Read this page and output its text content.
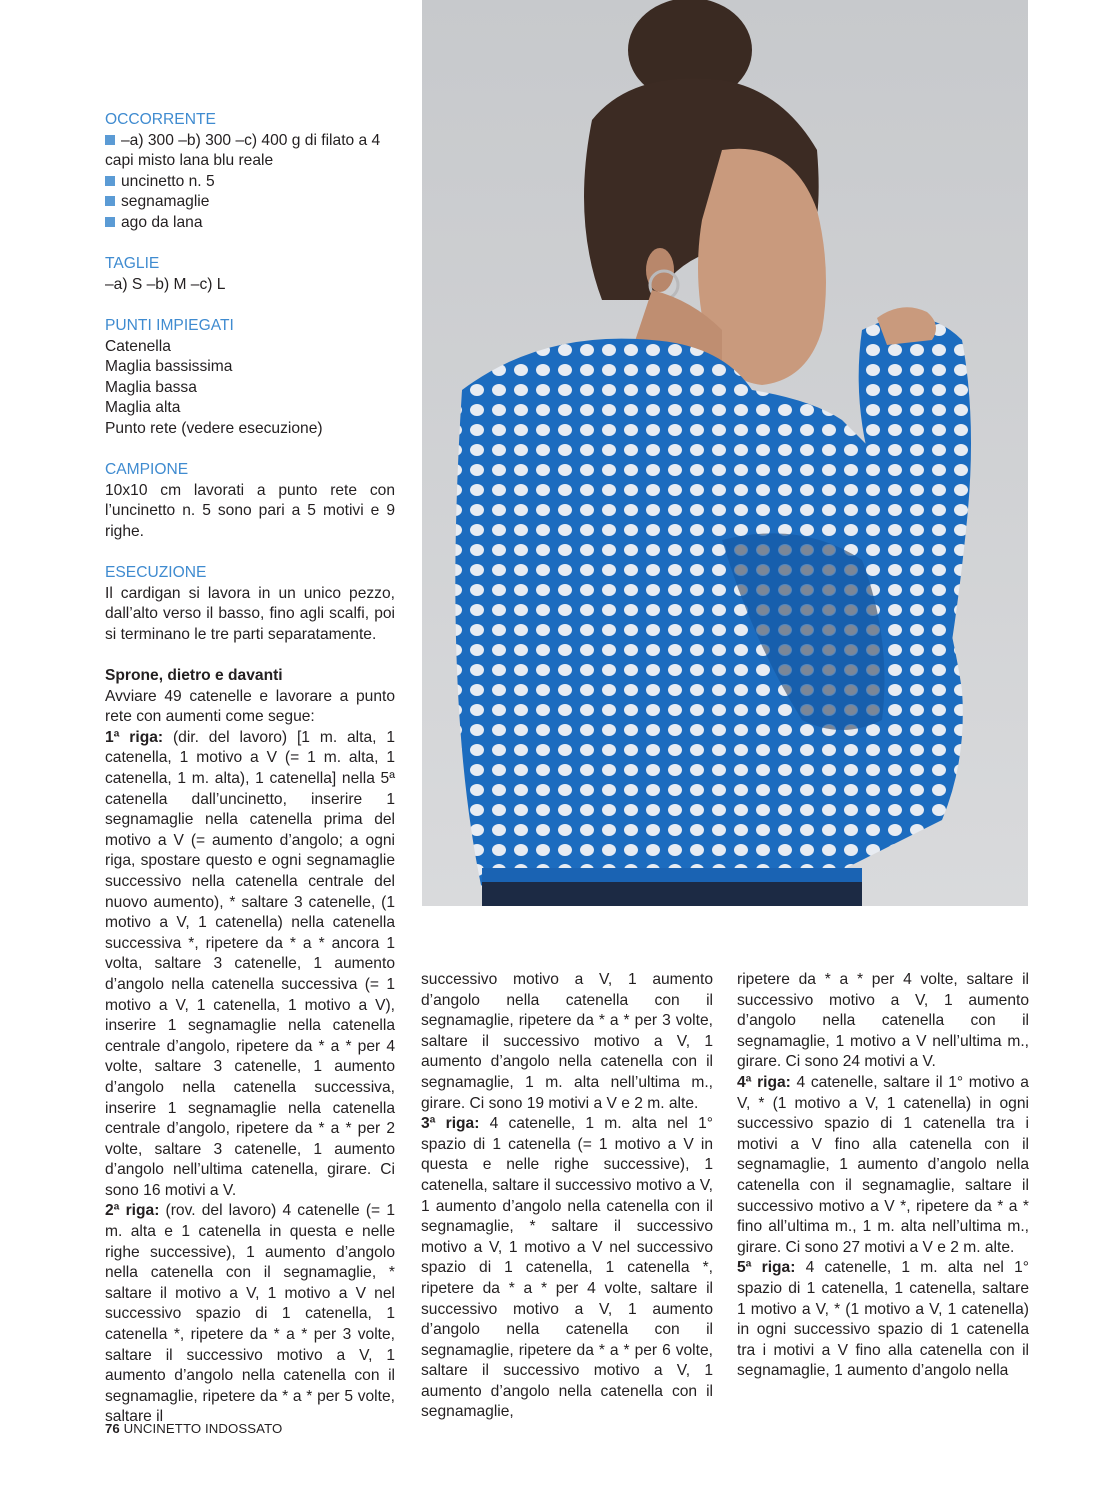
OCCORRENTE

–a) 300 –b) 300 –c) 400 g di filato a 4 capi misto lana blu reale

uncinetto n. 5

segnamaglie

ago da lana

TAGLIE

–a) S –b) M –c) L

PUNTI IMPIEGATI

Catenella

Maglia bassissima

Maglia bassa

Maglia alta

Punto rete (vedere esecuzione)

CAMPIONE

10x10 cm lavorati a punto rete con l’uncinetto n. 5 sono pari a 5 motivi e 9 righe.

ESECUZIONE

Il cardigan si lavora in un unico pezzo, dall’alto verso il basso, fino agli scalfi, poi si terminano le tre parti separatamente.

Sprone, dietro e davanti

Avviare 49 catenelle e lavorare a punto rete con aumenti come segue:

1ª riga: (dir. del lavoro) [1 m. alta, 1 catenella, 1 motivo a V (= 1 m. alta, 1 catenella, 1 m. alta), 1 catenella] nella 5ª catenella dall’uncinetto, inserire 1 segnamaglie nella catenella prima del motivo a V (= aumento d’angolo; a ogni riga, spostare questo e ogni segnamaglie successivo nella catenella centrale del nuovo aumento), * saltare 3 catenelle, (1 motivo a V, 1 catenella) nella catenella successiva *, ripetere da * a * ancora 1 volta, saltare 3 catenelle, 1 aumento d’angolo nella catenella successiva (= 1 motivo a V, 1 catenella, 1 motivo a V), inserire 1 segnamaglie nella catenella centrale d’angolo, ripetere da * a * per 4 volte, saltare 3 catenelle, 1 aumento d’angolo nella catenella successiva, inserire 1 segnamaglie nella catenella centrale d’angolo, ripetere da * a * per 2 volte, saltare 3 catenelle, 1 aumento d’angolo nell’ultima catenella, girare. Ci sono 16 motivi a V.

2ª riga: (rov. del lavoro) 4 catenelle (= 1 m. alta e 1 catenella in questa e nelle righe successive), 1 aumento d’angolo nella catenella con il segnamaglie, * saltare il motivo a V, 1 motivo a V nel successivo spazio di 1 catenella, 1 catenella *, ripetere da * a * per 3 volte, saltare il successivo motivo a V, 1 aumento d’angolo nella catenella con il segnamaglie, ripetere da * a * per 5 volte, saltare il

successivo motivo a V, 1 aumento d’angolo nella catenella con il segnamaglie, ripetere da * a * per 3 volte, saltare il successivo motivo a V, 1 aumento d’angolo nella catenella con il segnamaglie, 1 m. alta nell’ultima m., girare. Ci sono 19 motivi a V e 2 m. alte.

3ª riga: 4 catenelle, 1 m. alta nel 1° spazio di 1 catenella (= 1 motivo a V in questa e nelle righe successive), 1 catenella, saltare il successivo motivo a V, 1 aumento d’angolo nella catenella con il segnamaglie, * saltare il successivo motivo a V, 1 motivo a V nel successivo spazio di 1 catenella, 1 catenella *, ripetere da * a * per 4 volte, saltare il successivo motivo a V, 1 aumento d’angolo nella catenella con il segnamaglie, ripetere da * a * per 6 volte, saltare il successivo motivo a V, 1 aumento d’angolo nella catenella con il segnamaglie,

ripetere da * a * per 4 volte, saltare il successivo motivo a V, 1 aumento d’angolo nella catenella con il segnamaglie, 1 motivo a V nell’ultima m., girare. Ci sono 24 motivi a V.

4ª riga: 4 catenelle, saltare il 1° motivo a V, * (1 motivo a V, 1 catenella) in ogni successivo spazio di 1 catenella tra i motivi a V fino alla catenella con il segnamaglie, 1 aumento d’angolo nella catenella con il segnamaglie, saltare il successivo motivo a V *, ripetere da * a * fino all’ultima m., 1 m. alta nell’ultima m., girare. Ci sono 27 motivi a V e 2 m. alte.

5ª riga: 4 catenelle, 1 m. alta nel 1° spazio di 1 catenella, 1 catenella, saltare 1 motivo a V, * (1 motivo a V, 1 catenella) in ogni successivo spazio di 1 catenella tra i motivi a V fino alla catenella con il segnamaglie, 1 aumento d’angolo nella

76 UNCINETTO INDOSSATO
